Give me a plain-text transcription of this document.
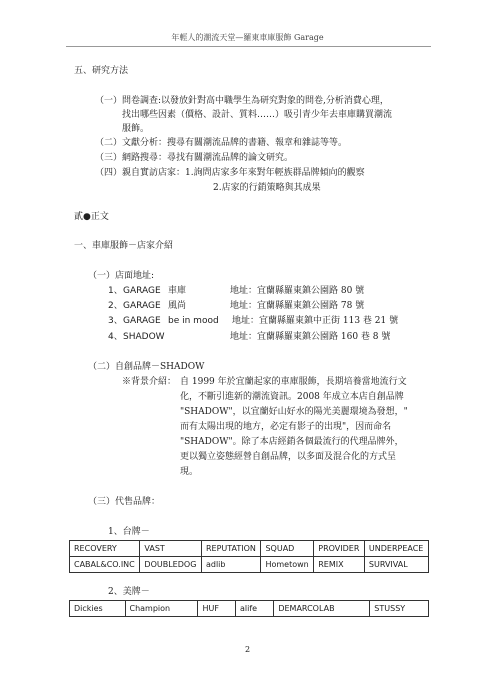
年輕人的潮流天堂—羅東車庫服飾 Garage
五、研究方法
（一）問卷調查:以發放針對高中職學生為研究對象的問卷,分析消費心理，
找出哪些因素（價格、設計、質料……）吸引青少年去車庫購買潮流
服飾。
（二）文獻分析：搜尋有關潮流品牌的書籍、報章和雜誌等等。
（三）網路搜尋：尋找有關潮流品牌的論文研究。
（四）親自實訪店家：1.詢問店家多年來對年輕族群品牌傾向的觀察
2.店家的行銷策略與其成果
貳●正文
一、車庫服飾－店家介紹
（一）店面地址:
1、 GARAGE 車庫	地址：宜蘭縣羅東鎮公園路 80 號
2、 GARAGE 風尚	地址：宜蘭縣羅東鎮公園路 78 號
3、 GARAGE be in mood 地址：宜蘭縣羅東鎮中正街 113 巷 21 號
4、 SHADOW	地址：宜蘭縣羅東鎮公園路 160 巷 8 號
（二）自創品牌－SHADOW
※背景介紹： 自 1999 年於宜蘭起家的車庫服飾，長期培養當地流行文
化，不斷引進新的潮流資訊。2008 年成立本店自創品牌
"SHADOW"，以宜蘭好山好水的陽光美麗環境為發想，"
而有太陽出現的地方，必定有影子的出現"，因而命名
"SHADOW"。除了本店經銷各個最流行的代理品牌外，
更以獨立姿態經營自創品牌，以多面及混合化的方式呈
現。
（三）代售品牌：
1、台牌－
RECOVERY	VAST	REPUTATION	SQUAD	PROVIDER	UNDERPEACE
CABAL&CO.INC	DOUBLEDOG	adlib	Hometown	REMIX	SURVIVAL
2、美牌－
Dickies	Champion	HUF	alife	DEMARCOLAB	STUSSY
2
